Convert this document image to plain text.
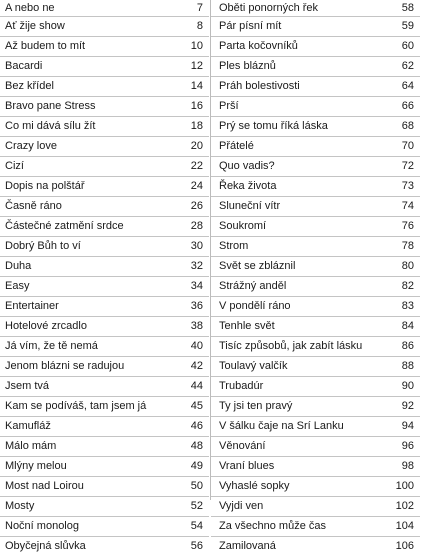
A nebo ne	7
Ať žije show	8
Až budem to mít	10
Bacardi	12
Bez křídel	14
Bravo pane Stress	16
Co mi dává sílu žít	18
Crazy love	20
Cizí	22
Dopis na polštář	24
Časně ráno	26
Částečné zatmění srdce	28
Dobrý Bůh to ví	30
Duha	32
Easy	34
Entertainer	36
Hotelové zrcadlo	38
Já vím, že tě nemá	40
Jenom blázni se radujou	42
Jsem tvá	44
Kam se podíváš, tam jsem já	45
Kamufláž	46
Málo mám	48
Mlýny melou	49
Most nad Loirou	50
Mosty	52
Noční monolog	54
Obyčejná slůvka	56
Oběti ponorných řek	58
Pár písní mít	59
Parta kočovníků	60
Ples bláznů	62
Práh bolestivosti	64
Prší	66
Prý se tomu říká láska	68
Přátelé	70
Quo vadis?	72
Řeka života	73
Sluneční vítr	74
Soukromí	76
Strom	78
Svět se zbláznil	80
Strážný anděl	82
V pondělí ráno	83
Tenhle svět	84
Tisíc způsobů, jak zabít lásku	86
Toulavý valčík	88
Trubadúr	90
Ty jsi ten pravý	92
V šálku čaje na Srí Lanku	94
Věnování	96
Vraní blues	98
Vyhaslé sopky	100
Vyjdi ven	102
Za všechno může čas	104
Zamilovaná	106
